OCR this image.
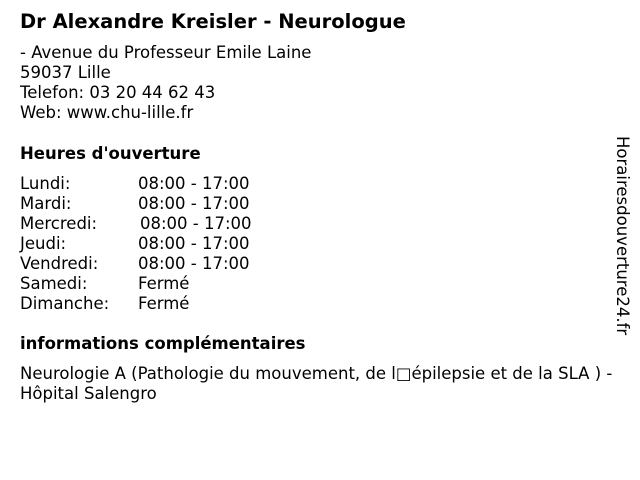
Dr Alexandre Kreisler - Neurologue
- Avenue du Professeur Emile Laine
59037 Lille
Telefon: 03 20 44 62 43
Web: www.chu-lille.fr
Heures d'ouverture
Lundi:	08:00 - 17:00
Mardi:	08:00 - 17:00
Mercredi:	08:00 - 17:00
Jeudi:	08:00 - 17:00
Vendredi: 08:00 - 17:00
Samedi:	Fermé
Dimanche: Fermé
informations complémentaires
Neurologie A (Pathologie du mouvement, de l□épilepsie et de la SLA ) - Hôpital Salengro
Horairesdouverture24.fr
